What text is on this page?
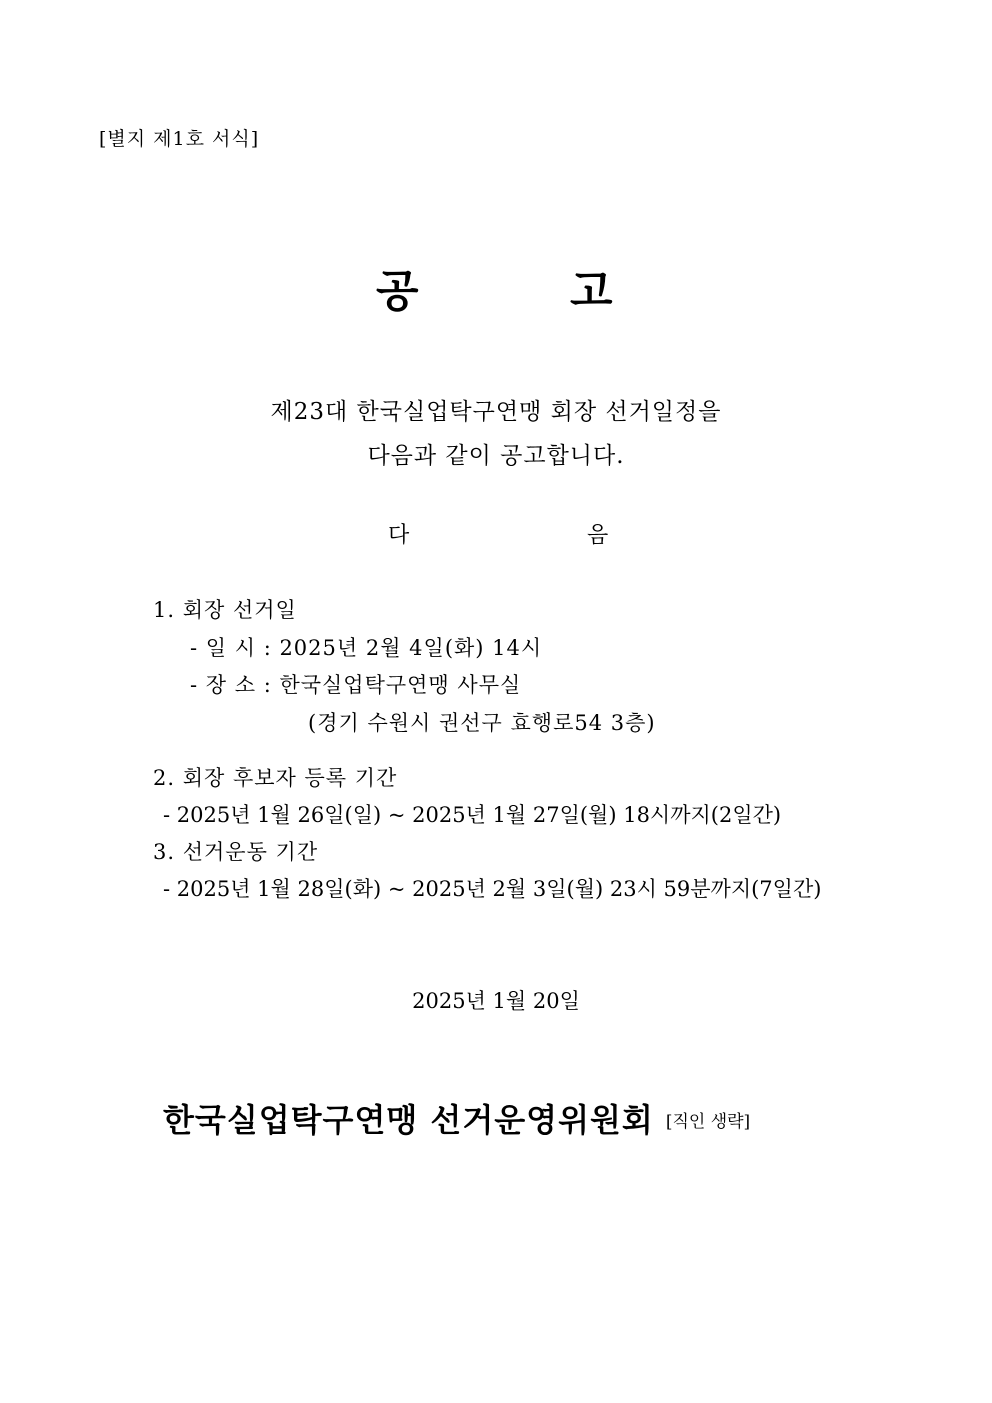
[별지 제1호 서식]
공	고
제23대 한국실업탁구연맹 회장 선거일정을
다음과 같이 공고합니다.
다	음
1. 회장 선거일
- 일 시 : 2025년 2월 4일(화) 14시
- 장 소 : 한국실업탁구연맹 사무실
(경기 수원시 권선구 효행로54 3층)
2. 회장 후보자 등록 기간
- 2025년 1월 26일(일) ~ 2025년 1월 27일(월) 18시까지(2일간)
3. 선거운동 기간
- 2025년 1월 28일(화) ~ 2025년 2월 3일(월) 23시 59분까지(7일간)
2025년 1월 20일
한국실업탁구연맹 선거운영위원회 [직인 생략]
